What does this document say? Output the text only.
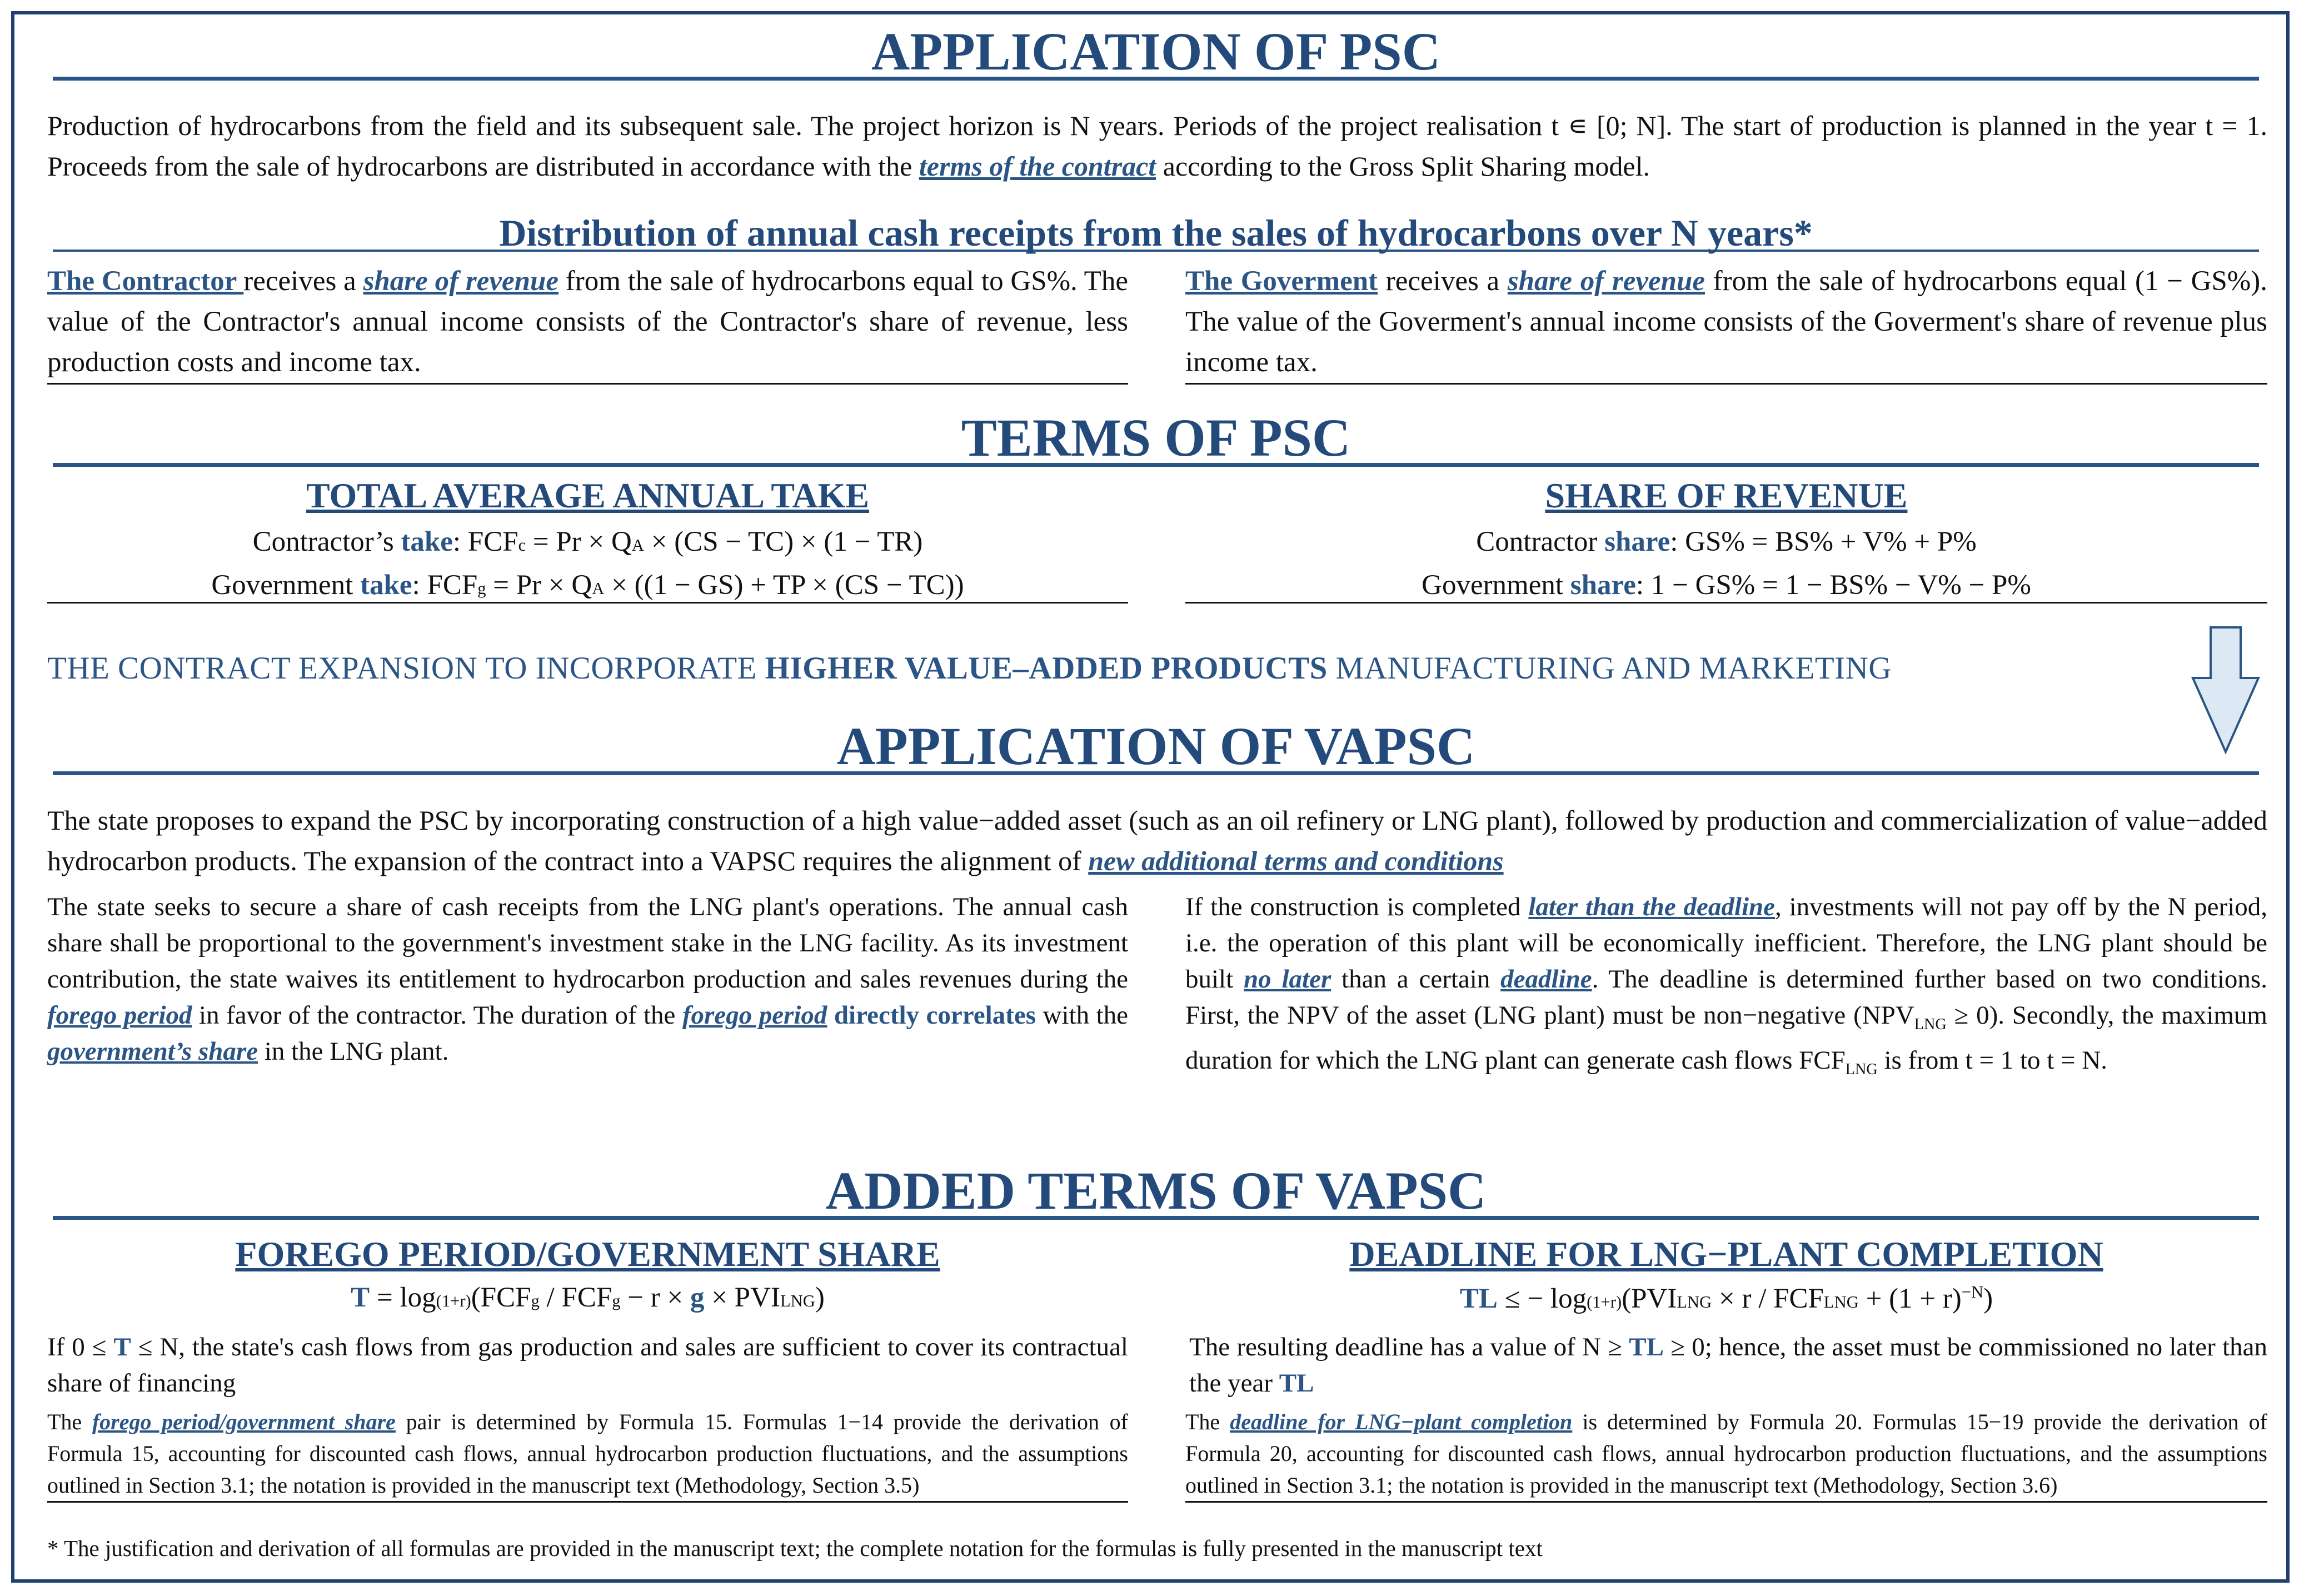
APPLICATION OF PSC
Production of hydrocarbons from the field and its subsequent sale. The project horizon is N years. Periods of the project realisation t ∊ [0; N]. The start of production is planned in the year t = 1. Proceeds from the sale of hydrocarbons are distributed in accordance with the terms of the contract according to the Gross Split Sharing model.
Distribution of annual cash receipts from the sales of hydrocarbons over N years*
The Contractor receives a share of revenue from the sale of hydrocarbons equal to GS%. The value of the Contractor's annual income consists of the Contractor's share of revenue, less production costs and income tax.
The Goverment receives a share of revenue from the sale of hydrocarbons equal (1 − GS%). The value of the Goverment's annual income consists of the Goverment's share of revenue plus income tax.
TERMS OF PSC
TOTAL AVERAGE ANNUAL TAKE
Contractor’s take: FCFc = Pr × QA × (CS − TC) × (1 − TR)
Government take: FCFg = Pr × QA × ((1 − GS) + TP × (CS − TC))
SHARE OF REVENUE
Contractor share: GS% = BS% + V% + P%
Government share: 1 − GS% = 1 − BS% − V% − P%
THE CONTRACT EXPANSION TO INCORPORATE HIGHER VALUE–ADDED PRODUCTS MANUFACTURING AND MARKETING
APPLICATION OF VAPSC
The state proposes to expand the PSC by incorporating construction of a high value−added asset (such as an oil refinery or LNG plant), followed by production and commercialization of value−added hydrocarbon products. The expansion of the contract into a VAPSC requires the alignment of new additional terms and conditions
The state seeks to secure a share of cash receipts from the LNG plant's operations. The annual cash share shall be proportional to the government's investment stake in the LNG facility. As its investment contribution, the state waives its entitlement to hydrocarbon production and sales revenues during the forego period in favor of the contractor. The duration of the forego period directly correlates with the government’s share in the LNG plant.
If the construction is completed later than the deadline, investments will not pay off by the N period, i.e. the operation of this plant will be economically inefficient. Therefore, the LNG plant should be built no later than a certain deadline. The deadline is determined further based on two conditions. First, the NPV of the asset (LNG plant) must be non−negative $(NPV_{LNG} \ge 0)$. Secondly, the maximum duration for which the LNG plant can generate cash flows $FCF_{LNG}$ is from t = 1 to t = N.
ADDED TERMS OF VAPSC
FOREGO PERIOD/GOVERNMENT SHARE
T = log(1+r)(FCFg / FCFg − r × g × PVILNG)
If 0 ≤ T ≤ N, the state's cash flows from gas production and sales are sufficient to cover its contractual share of financing
The forego period/government share pair is determined by Formula 15. Formulas 1−14 provide the derivation of Formula 15, accounting for discounted cash flows, annual hydrocarbon production fluctuations, and the assumptions outlined in Section 3.1; the notation is provided in the manuscript text (Methodology, Section 3.5)
DEADLINE FOR LNG−PLANT COMPLETION
TL ≤ − log(1+r)(PVILNG × r / FCFLNG + $(1 + r)^{-N}$)
The resulting deadline has a value of N ≥ TL ≥ 0; hence, the asset must be commissioned no later than the year TL
The deadline for LNG−plant completion is determined by Formula 20. Formulas 15−19 provide the derivation of Formula 20, accounting for discounted cash flows, annual hydrocarbon production fluctuations, and the assumptions outlined in Section 3.1; the notation is provided in the manuscript text (Methodology, Section 3.6)
* The justification and derivation of all formulas are provided in the manuscript text; the complete notation for the formulas is fully presented in the manuscript text
